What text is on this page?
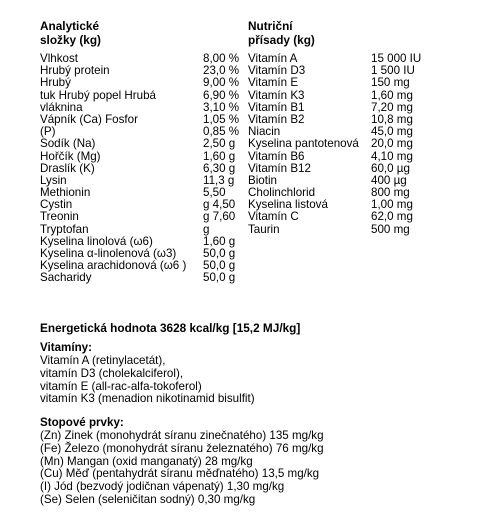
Analytické
složky (kg)
Nutriční
přísady (kg)
Vlhkost	8,00 %
Hrubý protein	23,0 %
Hrubý	9,00 %
tuk Hrubý popel Hrubá	6,90 %
vláknina	3,10 %
Vápník (Ca) Fosfor	1,05 %
(P)	0,85 %
Sodík (Na)	2,50 g
Hořčík (Mg)	1,60 g
Draslík (K)	6,30 g
Lysin	11,3 g
Methionin	5,50
Cystin	g 4,50
Treonin	g 7,60
Tryptofan	g
Kyselina linolová (ω6)	1,60 g
Kyselina α-linolenová (ω3) 50,0 g
Kyselina arachidonová (ω6 ) 50,0 g
Sacharidy	50,0 g
Vitamín A	15 000 IU
Vitamín D3	1 500 IU
Vitamín E	150 mg
Vitamín K3	1,60 mg
Vitamín B1	7,20 mg
Vitamín B2	10,8 mg
Niacin	45,0 mg
Kyselina pantotenová 20,0 mg
Vitamín B6	4,10 mg
Vitamín B12	60,0 µg
Biotin	400 µg
Cholinchlorid	800 mg
Kyselina listová	1,00 mg
Vitamín C	62,0 mg
Taurin	500 mg
Energetická hodnota 3628 kcal/kg [15,2 MJ/kg]
Vitamíny:
Vitamín A (retinylacetát),
vitamín D3 (cholekalciferol),
vitamín E (all-rac-alfa-tokoferol)
vitamín K3 (menadion nikotinamid bisulfit)
Stopové prvky:
(Zn) Zinek (monohydrát síranu zinečnatého) 135 mg/kg
(Fe) Železo (monohydrát síranu železnatého) 76 mg/kg
(Mn) Mangan (oxid manganatý) 28 mg/kg
(Cu) Měď (pentahydrát síranu měďnatého) 13,5 mg/kg
(I) Jód (bezvodý jodičnan vápenatý) 1,30 mg/kg
(Se) Selen (seleničitan sodný) 0,30 mg/kg
